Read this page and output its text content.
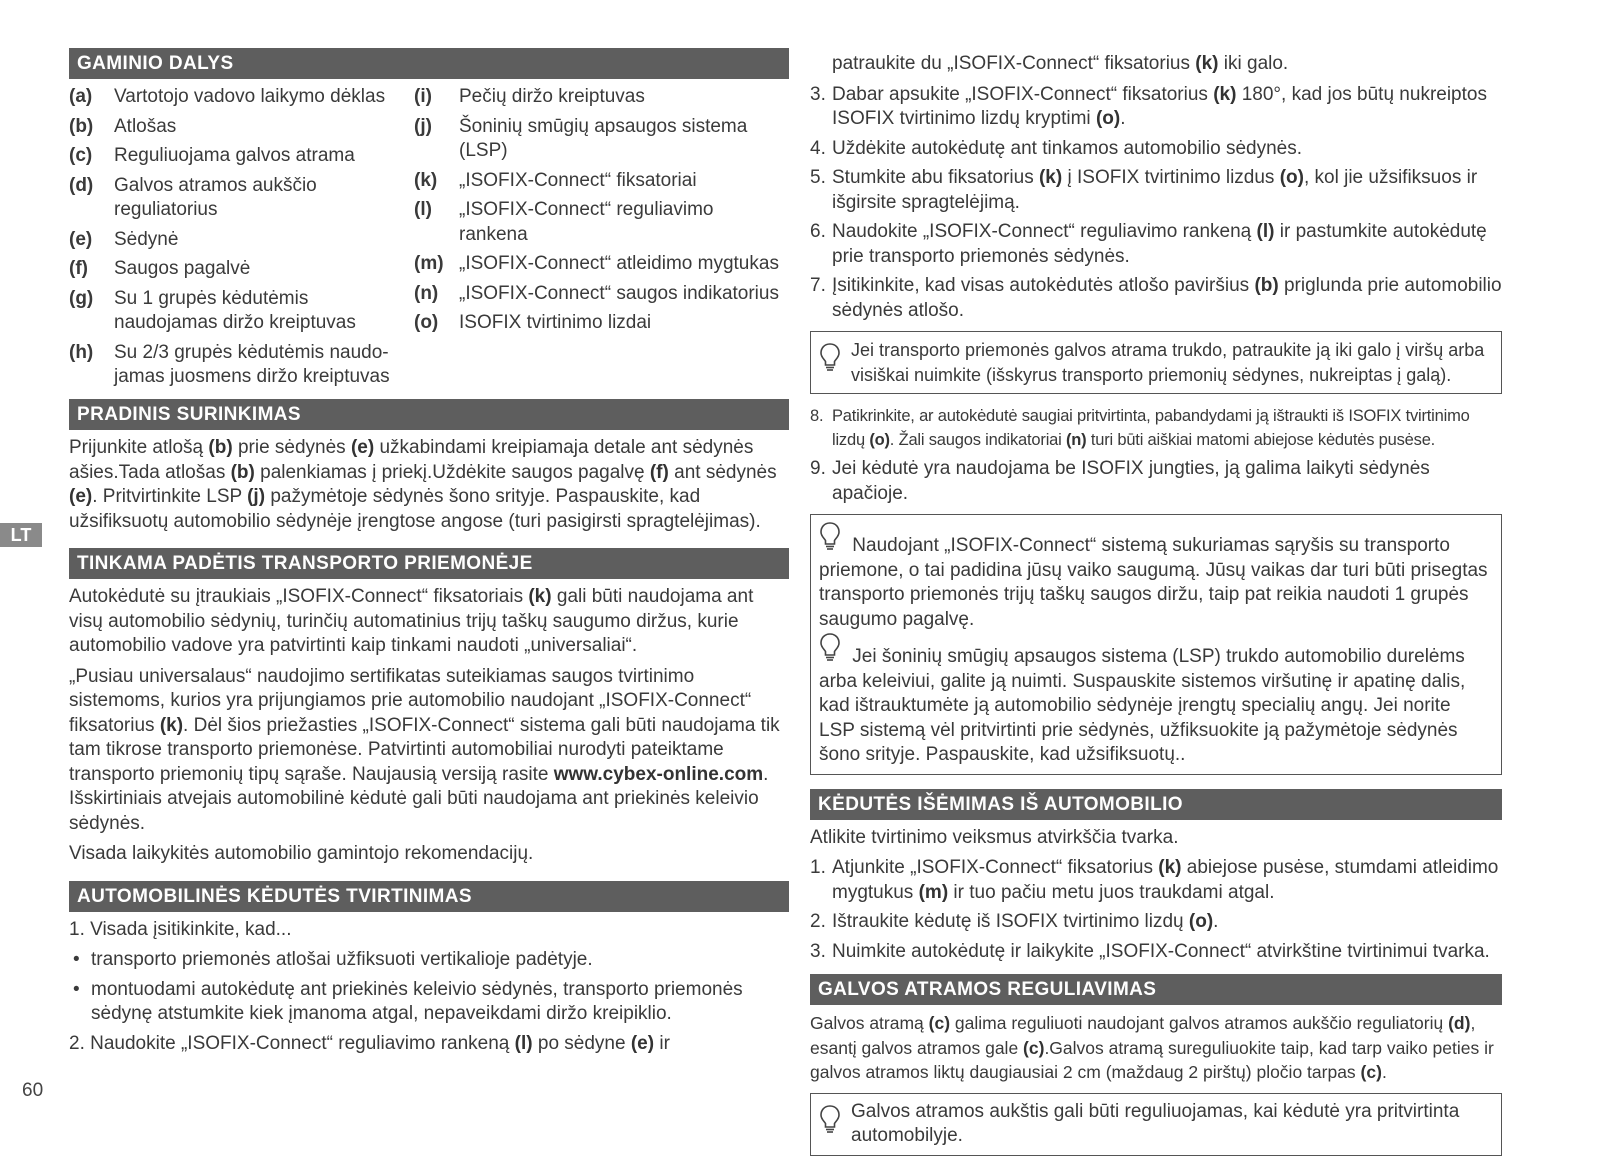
GAMINIO DALYS
(a)	Vartotojo vadovo laikymo dėklas
(b)	Atlošas
(c)	Reguliuojama galvos atrama
(d)	Galvos atramos aukščio reguliatorius
(e)	Sėdynė
(f)	Saugos pagalvė
(g)	Su 1 grupės kėdutėmis naudojamas diržo kreiptuvas
(h)	Su 2/3 grupės kėdutėmis naudo-jamas juosmens diržo kreiptuvas
(i)	Pečių diržo kreiptuvas
(j)	Šoninių smūgių apsaugos sistema (LSP)
(k)	„ISOFIX-Connect“ fiksatoriai
(l)	„ISOFIX-Connect“ reguliavimo rankena
(m) „ISOFIX-Connect“ atleidimo mygtukas
(n)	„ISOFIX-Connect“ saugos indikatorius
(o)	ISOFIX tvirtinimo lizdai
PRADINIS SURINKIMAS
Prijunkite atlošą (b) prie sėdynės (e) užkabindami kreipiamaja detale ant sėdynės ašies.Tada atlošas (b) palenkiamas į priekį.Uždėkite saugos pagalvę (f) ant sėdynės (e). Pritvirtinkite LSP (j) pažymėtoje sėdynės šono srityje. Paspauskite, kad užsifiksuotų automobilio sėdynėje įrengtose angose (turi pasigirsti spragtelėjimas).
TINKAMA PADĖTIS TRANSPORTO PRIEMONĖJE
Autokėdutė su įtraukiais „ISOFIX-Connect“ fiksatoriais (k) gali būti naudojama ant visų automobilio sėdynių, turinčių automatinius trijų taškų saugumo diržus, kurie automobilio vadove yra patvirtinti kaip tinkami naudoti „universaliai“.
„Pusiau universalaus“ naudojimo sertifikatas suteikiamas saugos tvirtinimo sistemoms, kurios yra prijungiamos prie automobilio naudojant „ISOFIX-Connect“ fiksatorius (k). Dėl šios priežasties „ISOFIX-Connect“ sistema gali būti naudojama tik tam tikrose transporto priemonėse. Patvirtinti automobiliai nurodyti pateiktame transporto priemonių tipų sąraše. Naujausią versiją rasite www.cybex-online.com. Išskirtiniais atvejais automobilinė kėdutė gali būti naudojama ant priekinės keleivio sėdynės.
Visada laikykitės automobilio gamintojo rekomendacijų.
AUTOMOBILINĖS KĖDUTĖS TVIRTINIMAS
1. Visada įsitikinkite, kad...
• transporto priemonės atlošai užfiksuoti vertikalioje padėtyje.
• montuodami autokėdutę ant priekinės keleivio sėdynės, transporto priemonės sėdynę atstumkite kiek įmanoma atgal, nepaveikdami diržo kreipiklio.
2. Naudokite „ISOFIX-Connect“ reguliavimo rankeną (l) po sėdyne (e) ir
patraukite du „ISOFIX-Connect“ fiksatorius (k) iki galo.
3. Dabar apsukite „ISOFIX-Connect“ fiksatorius (k) 180°, kad jos būtų nukreiptos ISOFIX tvirtinimo lizdų kryptimi (o).
4. Uždėkite autokėdutę ant tinkamos automobilio sėdynės.
5. Stumkite abu fiksatorius (k) į ISOFIX tvirtinimo lizdus (o), kol jie užsifiksuos ir išgirsite spragtelėjimą.
6. Naudokite „ISOFIX-Connect“ reguliavimo rankeną (l) ir pastumkite autokėdutę prie transporto priemonės sėdynės.
7. Įsitikinkite, kad visas autokėdutės atlošo paviršius (b) priglunda prie automobilio sėdynės atlošo.
Jei transporto priemonės galvos atrama trukdo, patraukite ją iki galo į viršų arba visiškai nuimkite (išskyrus transporto priemonių sėdynes, nukreiptas į galą).
8. Patikrinkite, ar autokėdutė saugiai pritvirtinta, pabandydami ją ištraukti iš ISOFIX tvirtinimo lizdų (o). Žali saugos indikatoriai (n) turi būti aiškiai matomi abiejose kėdutės pusėse.
9. Jei kėdutė yra naudojama be ISOFIX jungties, ją galima laikyti sėdynės apačioje.
Naudojant „ISOFIX-Connect“ sistemą sukuriamas sąryšis su transporto priemone, o tai padidina jūsų vaiko saugumą. Jūsų vaikas dar turi būti prisegtas transporto priemonės trijų taškų saugos diržu, taip pat reikia naudoti 1 grupės saugumo pagalvę.
Jei šoninių smūgių apsaugos sistema (LSP) trukdo automobilio durelėms arba keleiviui, galite ją nuimti. Suspauskite sistemos viršutinę ir apatinę dalis, kad ištrauktumėte ją automobilio sėdynėje įrengtų specialių angų. Jei norite LSP sistemą vėl pritvirtinti prie sėdynės, užfiksuokite ją pažymėtoje sėdynės šono srityje. Paspauskite, kad užsifiksuotų..
KĖDUTĖS IŠĖMIMAS IŠ AUTOMOBILIO
Atlikite tvirtinimo veiksmus atvirkščia tvarka.
1. Atjunkite „ISOFIX-Connect“ fiksatorius (k) abiejose pusėse, stumdami atleidimo mygtukus (m) ir tuo pačiu metu juos traukdami atgal.
2. Ištraukite kėdutę iš ISOFIX tvirtinimo lizdų (o).
3. Nuimkite autokėdutę ir laikykite „ISOFIX-Connect“ atvirkštine tvirtinimui tvarka.
GALVOS ATRAMOS REGULIAVIMAS
Galvos atramą (c) galima reguliuoti naudojant galvos atramos aukščio reguliatorių (d), esantį galvos atramos gale (c).Galvos atramą sureguliuokite taip, kad tarp vaiko peties ir galvos atramos liktų daugiausiai 2 cm (maždaug 2 pirštų) pločio tarpas (c).
Galvos atramos aukštis gali būti reguliuojamas, kai kėdutė yra pritvirtinta automobilyje.
LT
60
